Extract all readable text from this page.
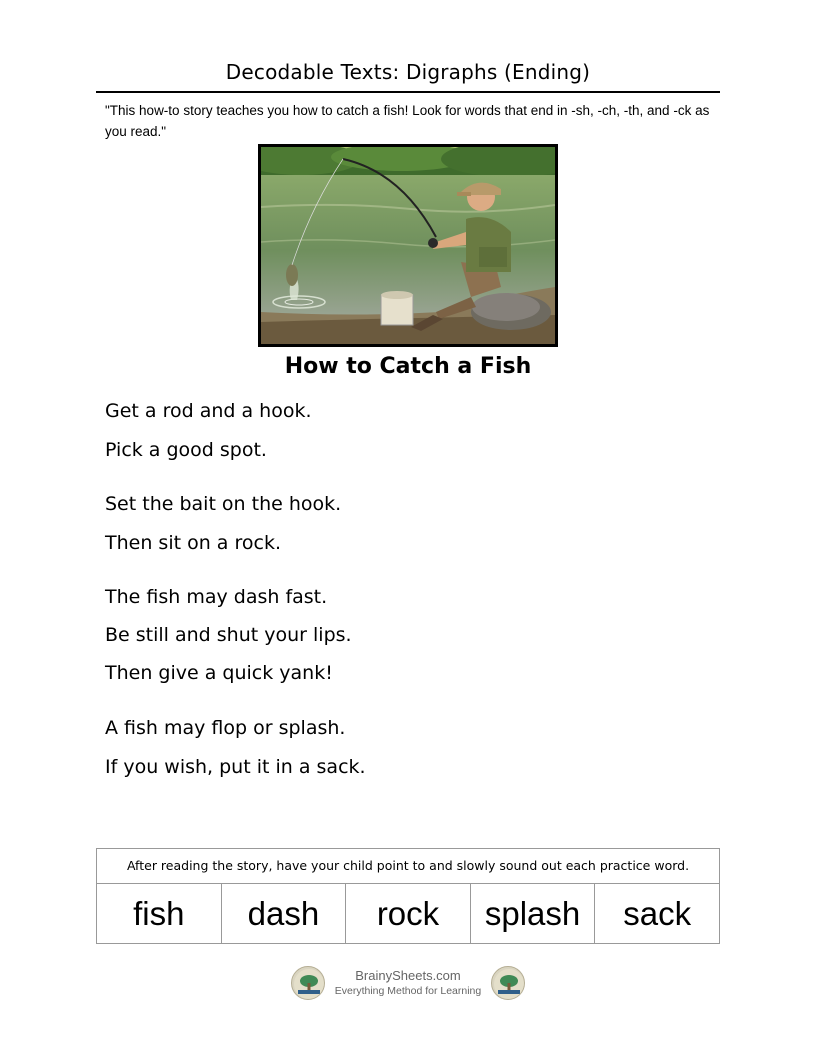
Decodable Texts: Digraphs (Ending)
"This how-to story teaches you how to catch a fish! Look for words that end in -sh, -ch, -th, and -ck as you read."
How to Catch a Fish
Get a rod and a hook.
Pick a good spot.
Set the bait on the hook.
Then sit on a rock.
The fish may dash fast.
Be still and shut your lips.
Then give a quick yank!
A fish may flop or splash.
If you wish, put it in a sack.
After reading the story, have your child point to and slowly sound out each practice word.
fish	dash	rock	splash	sack
BrainySheets.com
Everything Method for Learning
